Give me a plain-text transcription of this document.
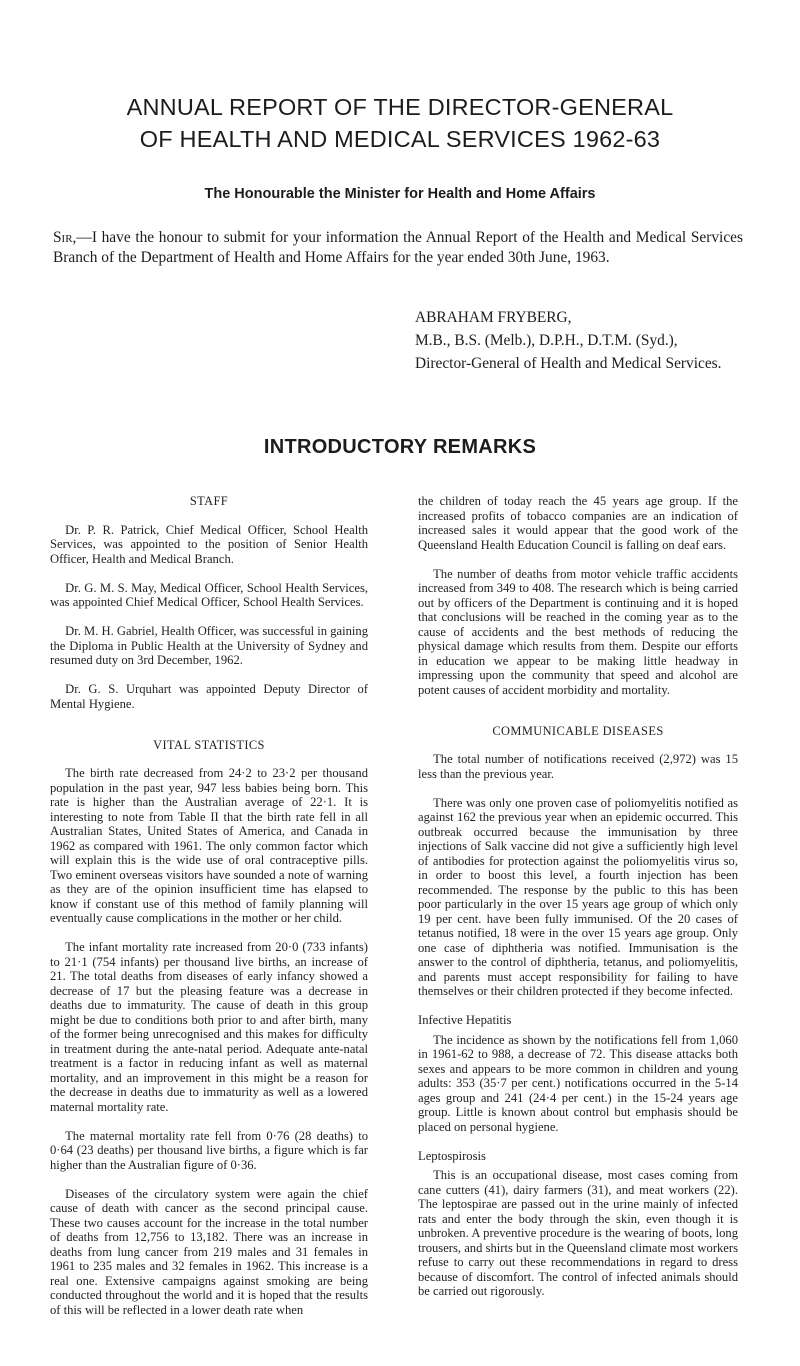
ANNUAL REPORT OF THE DIRECTOR-GENERAL
OF HEALTH AND MEDICAL SERVICES 1962-63

The Honourable the Minister for Health and Home Affairs

Sir,—I have the honour to submit for your information the Annual Report of the Health and Medical Services Branch of the Department of Health and Home Affairs for the year ended 30th June, 1963.

ABRAHAM FRYBERG,

M.B., B.S. (Melb.), D.P.H., D.T.M. (Syd.),

Director-General of Health and Medical Services.

INTRODUCTORY REMARKS
STAFF

Dr. P. R. Patrick, Chief Medical Officer, School Health Services, was appointed to the position of Senior Health Officer, Health and Medical Branch.

Dr. G. M. S. May, Medical Officer, School Health Services, was appointed Chief Medical Officer, School Health Services.

Dr. M. H. Gabriel, Health Officer, was successful in gaining the Diploma in Public Health at the University of Sydney and resumed duty on 3rd December, 1962.

Dr. G. S. Urquhart was appointed Deputy Director of Mental Hygiene.

VITAL STATISTICS

The birth rate decreased from 24·2 to 23·2 per thousand population in the past year, 947 less babies being born. This rate is higher than the Australian average of 22·1. It is interesting to note from Table II that the birth rate fell in all Australian States, United States of America, and Canada in 1962 as compared with 1961. The only common factor which will explain this is the wide use of oral contraceptive pills. Two eminent overseas visitors have sounded a note of warning as they are of the opinion insufficient time has elapsed to know if constant use of this method of family planning will eventually cause complications in the mother or her child.

The infant mortality rate increased from 20·0 (733 infants) to 21·1 (754 infants) per thousand live births, an increase of 21. The total deaths from diseases of early infancy showed a decrease of 17 but the pleasing feature was a decrease in deaths due to immaturity. The cause of death in this group might be due to conditions both prior to and after birth, many of the former being unrecognised and this makes for difficulty in treatment during the ante-natal period. Adequate ante-natal treatment is a factor in reducing infant as well as maternal mortality, and an improvement in this might be a reason for the decrease in deaths due to immaturity as well as a lowered maternal mortality rate.

The maternal mortality rate fell from 0·76 (28 deaths) to 0·64 (23 deaths) per thousand live births, a figure which is far higher than the Australian figure of 0·36.

Diseases of the circulatory system were again the chief cause of death with cancer as the second principal cause. These two causes account for the increase in the total number of deaths from 12,756 to 13,182. There was an increase in deaths from lung cancer from 219 males and 31 females in 1961 to 235 males and 32 females in 1962. This increase is a real one. Extensive campaigns against smoking are being conducted throughout the world and it is hoped that the results of this will be reflected in a lower death rate when

the children of today reach the 45 years age group. If the increased profits of tobacco companies are an indication of increased sales it would appear that the good work of the Queensland Health Education Council is falling on deaf ears.

The number of deaths from motor vehicle traffic accidents increased from 349 to 408. The research which is being carried out by officers of the Department is continuing and it is hoped that conclusions will be reached in the coming year as to the cause of accidents and the best methods of reducing the physical damage which results from them. Despite our efforts in education we appear to be making little headway in impressing upon the community that speed and alcohol are potent causes of accident morbidity and mortality.

COMMUNICABLE DISEASES

The total number of notifications received (2,972) was 15 less than the previous year.

There was only one proven case of poliomyelitis notified as against 162 the previous year when an epidemic occurred. This outbreak occurred because the immunisation by three injections of Salk vaccine did not give a sufficiently high level of antibodies for protection against the poliomyelitis virus so, in order to boost this level, a fourth injection has been recommended. The response by the public to this has been poor particularly in the over 15 years age group of which only 19 per cent. have been fully immunised. Of the 20 cases of tetanus notified, 18 were in the over 15 years age group. Only one case of diphtheria was notified. Immunisation is the answer to the control of diphtheria, tetanus, and poliomyelitis, and parents must accept responsibility for failing to have themselves or their children protected if they become infected.

Infective Hepatitis

The incidence as shown by the notifications fell from 1,060 in 1961-62 to 988, a decrease of 72. This disease attacks both sexes and appears to be more common in children and young adults: 353 (35·7 per cent.) notifications occurred in the 5-14 ages group and 241 (24·4 per cent.) in the 15-24 years age group. Little is known about control but emphasis should be placed on personal hygiene.

Leptospirosis

This is an occupational disease, most cases coming from cane cutters (41), dairy farmers (31), and meat workers (22). The leptospirae are passed out in the urine mainly of infected rats and enter the body through the skin, even though it is unbroken. A preventive procedure is the wearing of boots, long trousers, and shirts but in the Queensland climate most workers refuse to carry out these recommendations in regard to dress because of discomfort. The control of infected animals should be carried out rigorously.
